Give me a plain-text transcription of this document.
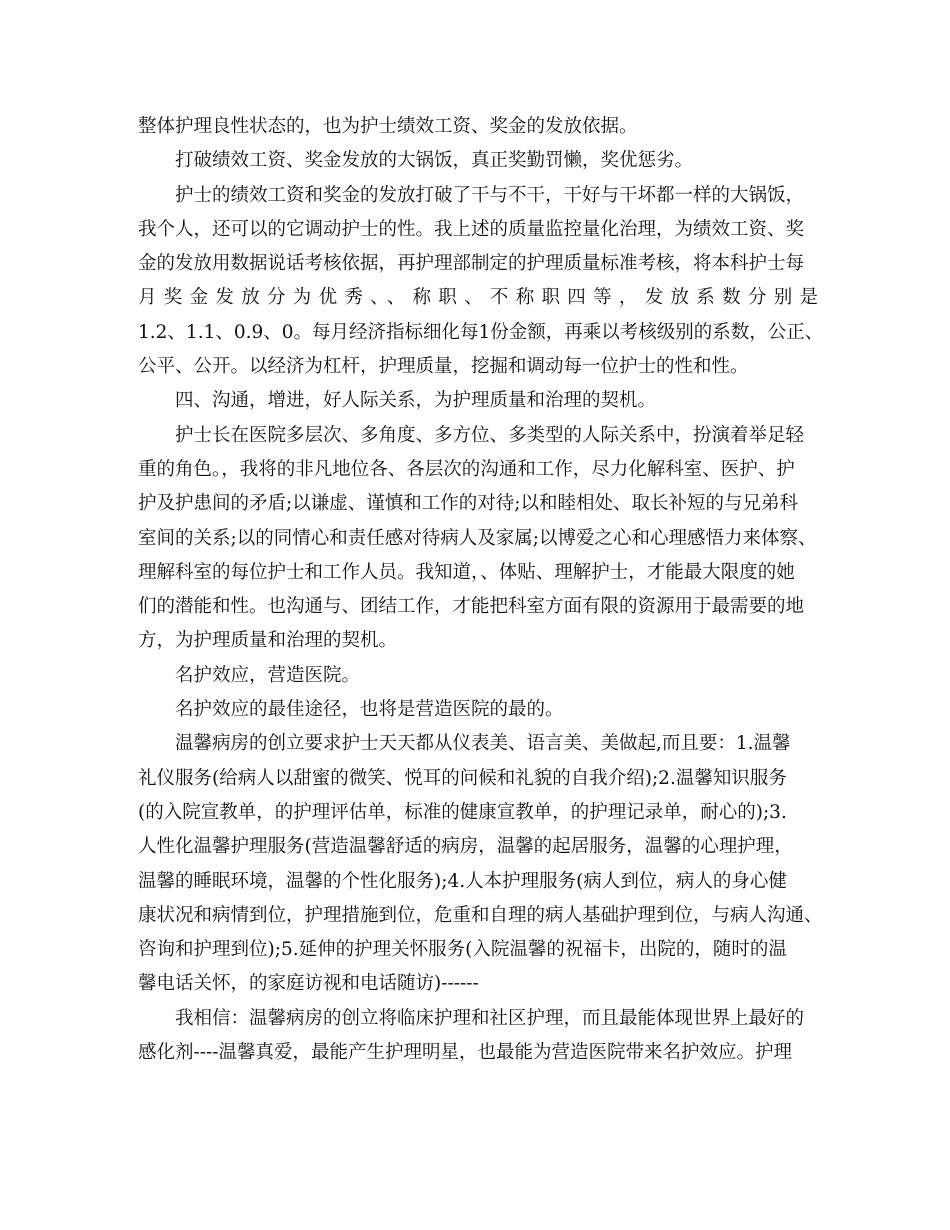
整体护理良性状态的，也为护士绩效工资、奖金的发放依据。
打破绩效工资、奖金发放的大锅饭，真正奖勤罚懒，奖优惩劣。
护士的绩效工资和奖金的发放打破了干与不干，干好与干坏都一样的大锅饭，
我个人，还可以的它调动护士的性。我上述的质量监控量化治理，为绩效工资、奖
金的发放用数据说话考核依据，再护理部制定的护理质量标准考核，将本科护士每
月奖金发放分为优秀、、称职、不称职四等，发放系数分别是
1.2、1.1、0.9、0。每月经济指标细化每1份金额，再乘以考核级别的系数，公正、
公平、公开。以经济为杠杆，护理质量，挖掘和调动每一位护士的性和性。
四、沟通，增进，好人际关系，为护理质量和治理的契机。
护士长在医院多层次、多角度、多方位、多类型的人际关系中，扮演着举足轻
重的角色。，我将的非凡地位各、各层次的沟通和工作，尽力化解科室、医护、护
护及护患间的矛盾;以谦虚、谨慎和工作的对待;以和睦相处、取长补短的与兄弟科
室间的关系;以的同情心和责任感对待病人及家属;以博爱之心和心理感悟力来体察、
理解科室的每位护士和工作人员。我知道，、体贴、理解护士，才能最大限度的她
们的潜能和性。也沟通与、团结工作，才能把科室方面有限的资源用于最需要的地
方，为护理质量和治理的契机。
名护效应，营造医院。
名护效应的最佳途径，也将是营造医院的最的。
温馨病房的创立要求护士天天都从仪表美、语言美、美做起,而且要：1.温馨
礼仪服务(给病人以甜蜜的微笑、悦耳的问候和礼貌的自我介绍);2.温馨知识服务
(的入院宣教单，的护理评估单，标准的健康宣教单，的护理记录单，耐心的);3.
人性化温馨护理服务(营造温馨舒适的病房，温馨的起居服务，温馨的心理护理，
温馨的睡眠环境，温馨的个性化服务);4.人本护理服务(病人到位，病人的身心健
康状况和病情到位，护理措施到位，危重和自理的病人基础护理到位，与病人沟通、
咨询和护理到位);5.延伸的护理关怀服务(入院温馨的祝福卡，出院的，随时的温
馨电话关怀，的家庭访视和电话随访)------
我相信：温馨病房的创立将临床护理和社区护理，而且最能体现世界上最好的
感化剂----温馨真爱，最能产生护理明星，也最能为营造医院带来名护效应。护理
